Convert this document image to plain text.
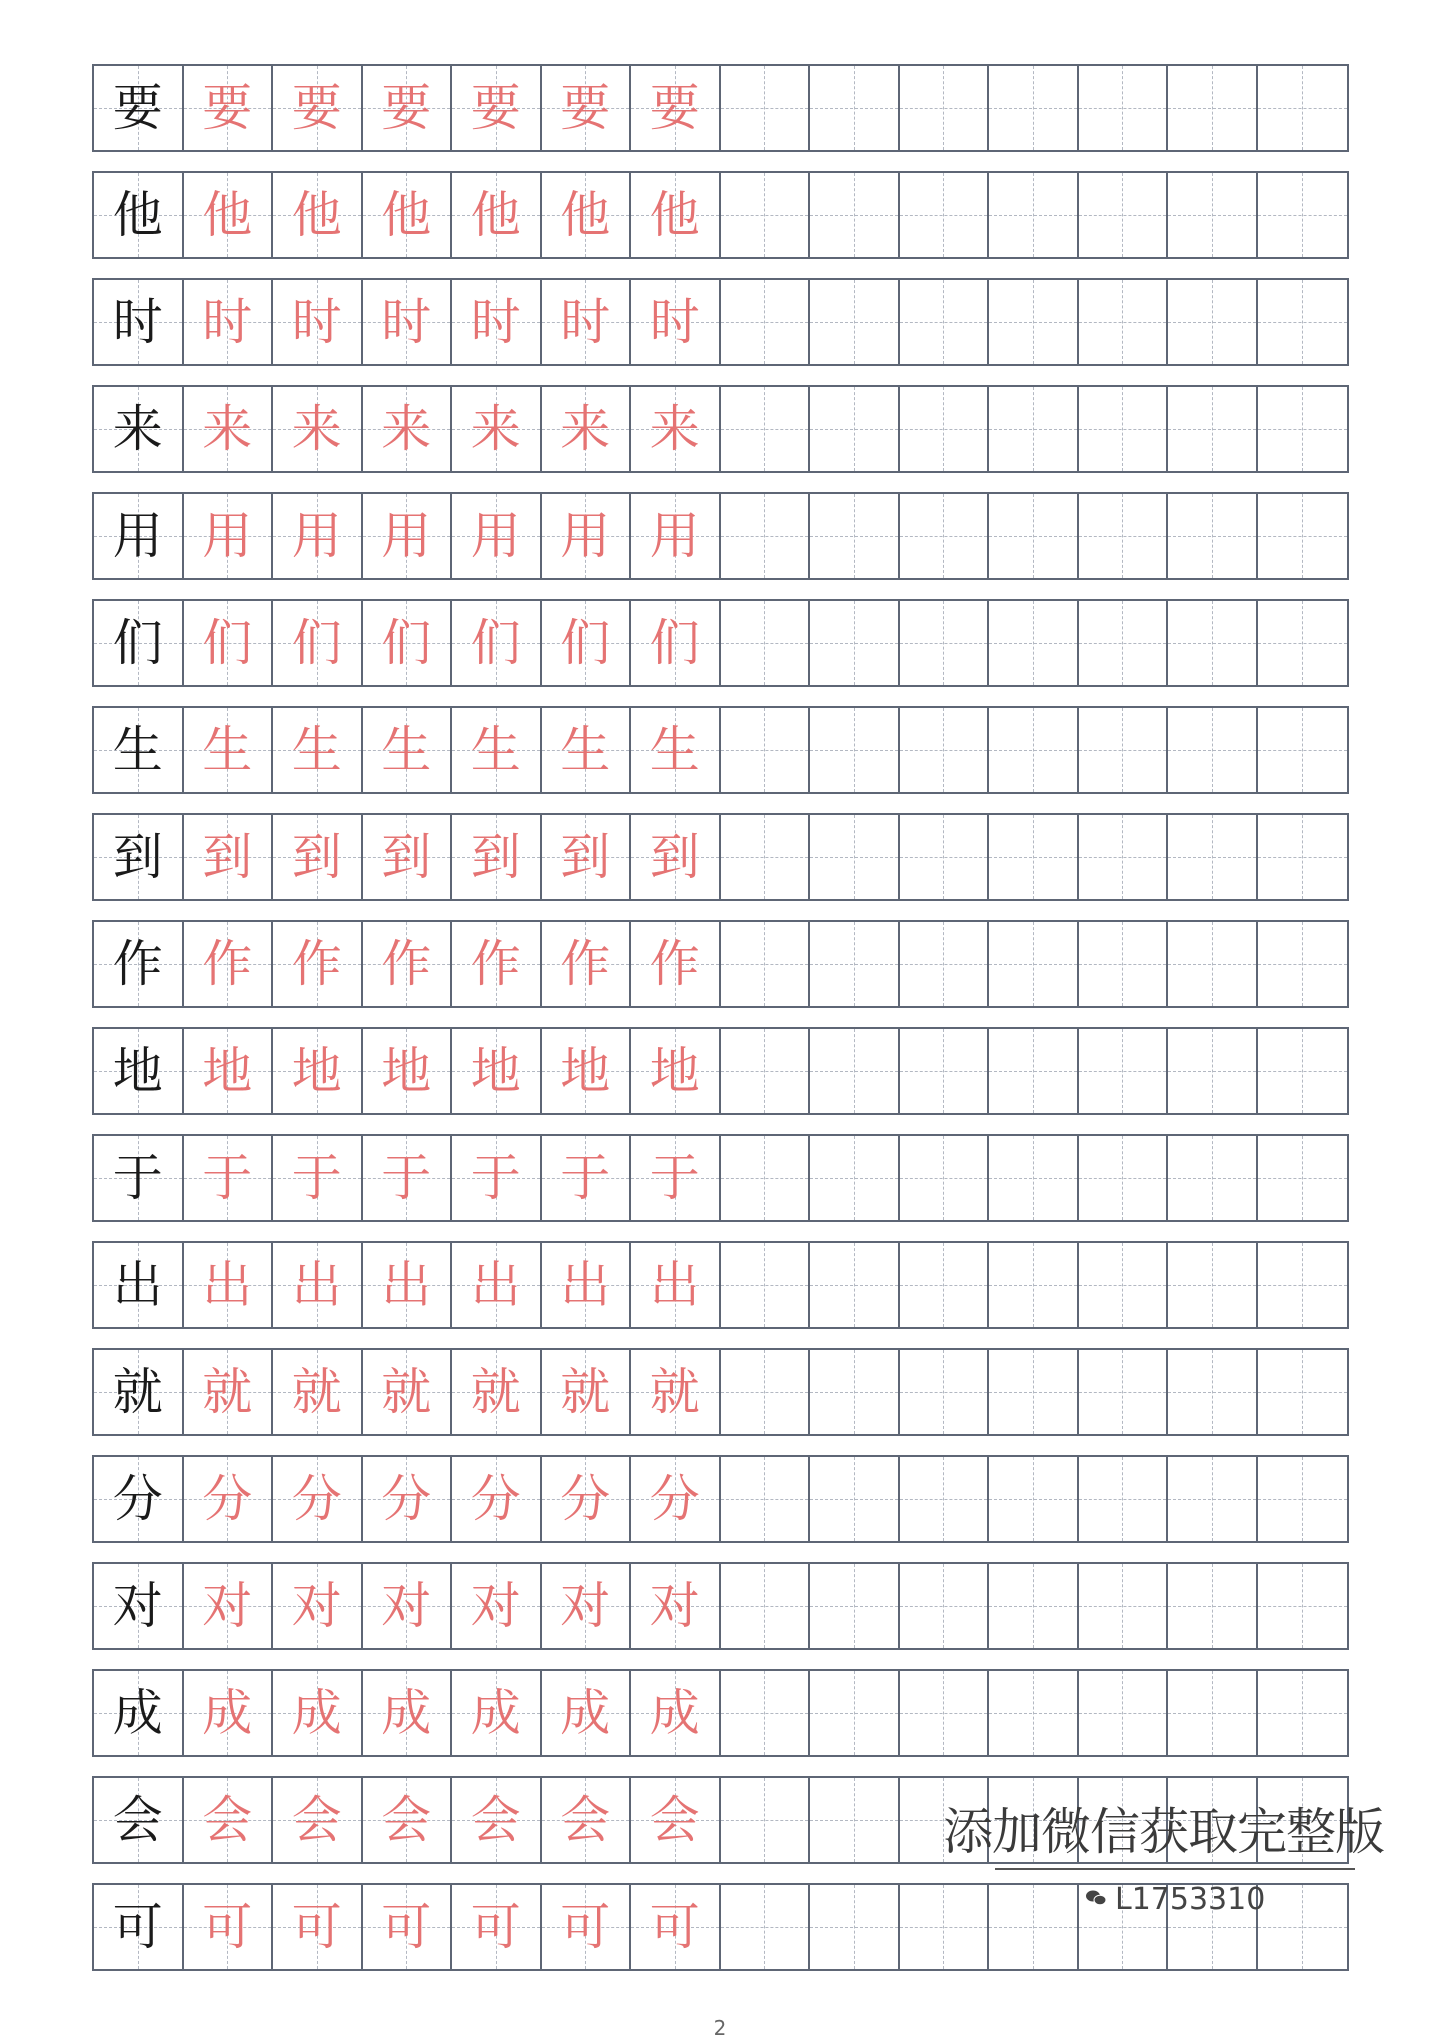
要 要 要 要 要 要 要
他 他 他 他 他 他 他
时 时 时 时 时 时 时
来 来 来 来 来 来 来
用 用 用 用 用 用 用
们 们 们 们 们 们 们
生 生 生 生 生 生 生
到 到 到 到 到 到 到
作 作 作 作 作 作 作
地 地 地 地 地 地 地
于 于 于 于 于 于 于
出 出 出 出 出 出 出
就 就 就 就 就 就 就
分 分 分 分 分 分 分
对 对 对 对 对 对 对
成 成 成 成 成 成 成
会 会 会 会 会 会 会
可 可 可 可 可 可 可
添加微信获取完整版
L1753310
2
